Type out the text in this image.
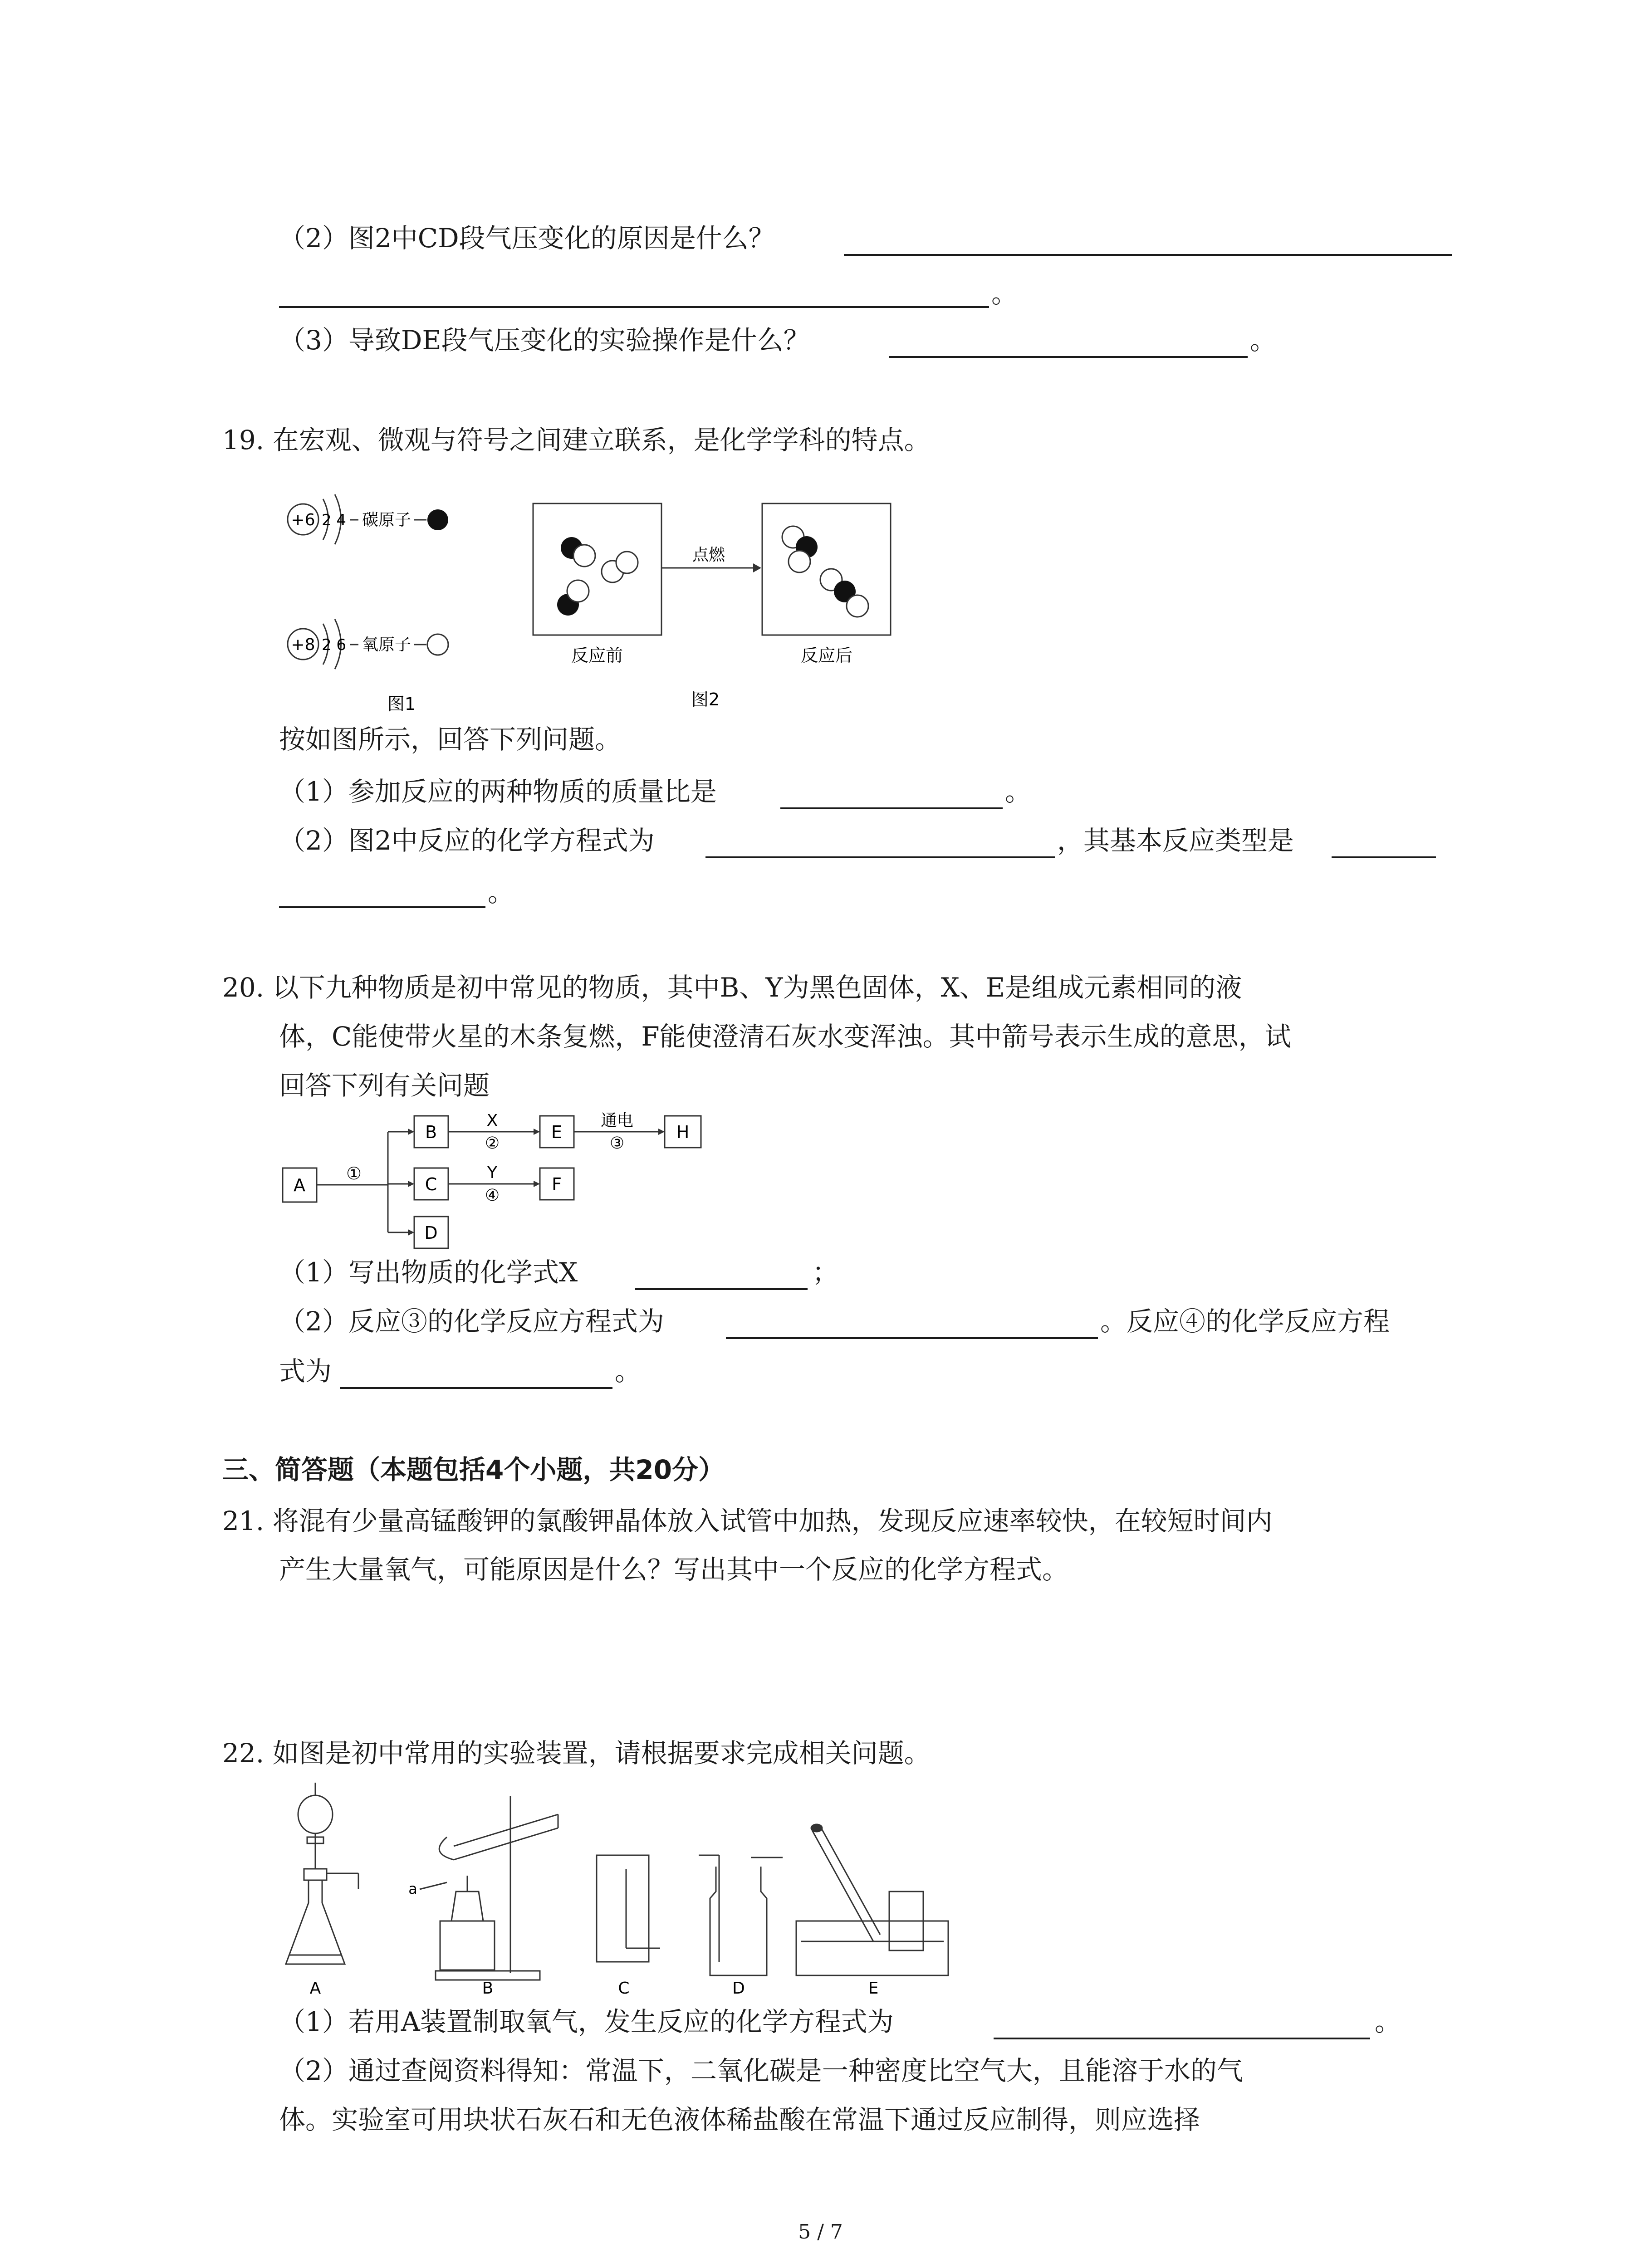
（2）图2中CD段气压变化的原因是什么？
。
（3）导致DE段气压变化的实验操作是什么？	。
19. 在宏观、微观与符号之间建立联系，是化学学科的特点。
+6 2 4 碳原子
+8 2 6 氧原子
图1
反应前
点燃
反应后
图2
按如图所示，回答下列问题。
（1）参加反应的两种物质的质量比是	。
（2）图2中反应的化学方程式为	，其基本反应类型是
。
20. 以下九种物质是初中常见的物质，其中B、Y为黑色固体，X、E是组成元素相同的液
体，C能使带火星的木条复燃，F能使澄清石灰水变浑浊。其中箭号表示生成的意思，试
回答下列有关问题
A
B
C
D
E
F
H
①
X
②
Y
④
通电
③
（1）写出物质的化学式X	；
（2）反应③的化学反应方程式为	。反应④的化学反应方程
式为	。
三、简答题（本题包括4个小题，共20分）
21. 将混有少量高锰酸钾的氯酸钾晶体放入试管中加热，发现反应速率较快，在较短时间内
产生大量氧气，可能原因是什么？写出其中一个反应的化学方程式。
22. 如图是初中常用的实验装置，请根据要求完成相关问题。
A	B	C	D	E
a
（1）若用A装置制取氧气，发生反应的化学方程式为	。
（2）通过查阅资料得知：常温下，二氧化碳是一种密度比空气大，且能溶于水的气
体。实验室可用块状石灰石和无色液体稀盐酸在常温下通过反应制得，则应选择
5 / 7
